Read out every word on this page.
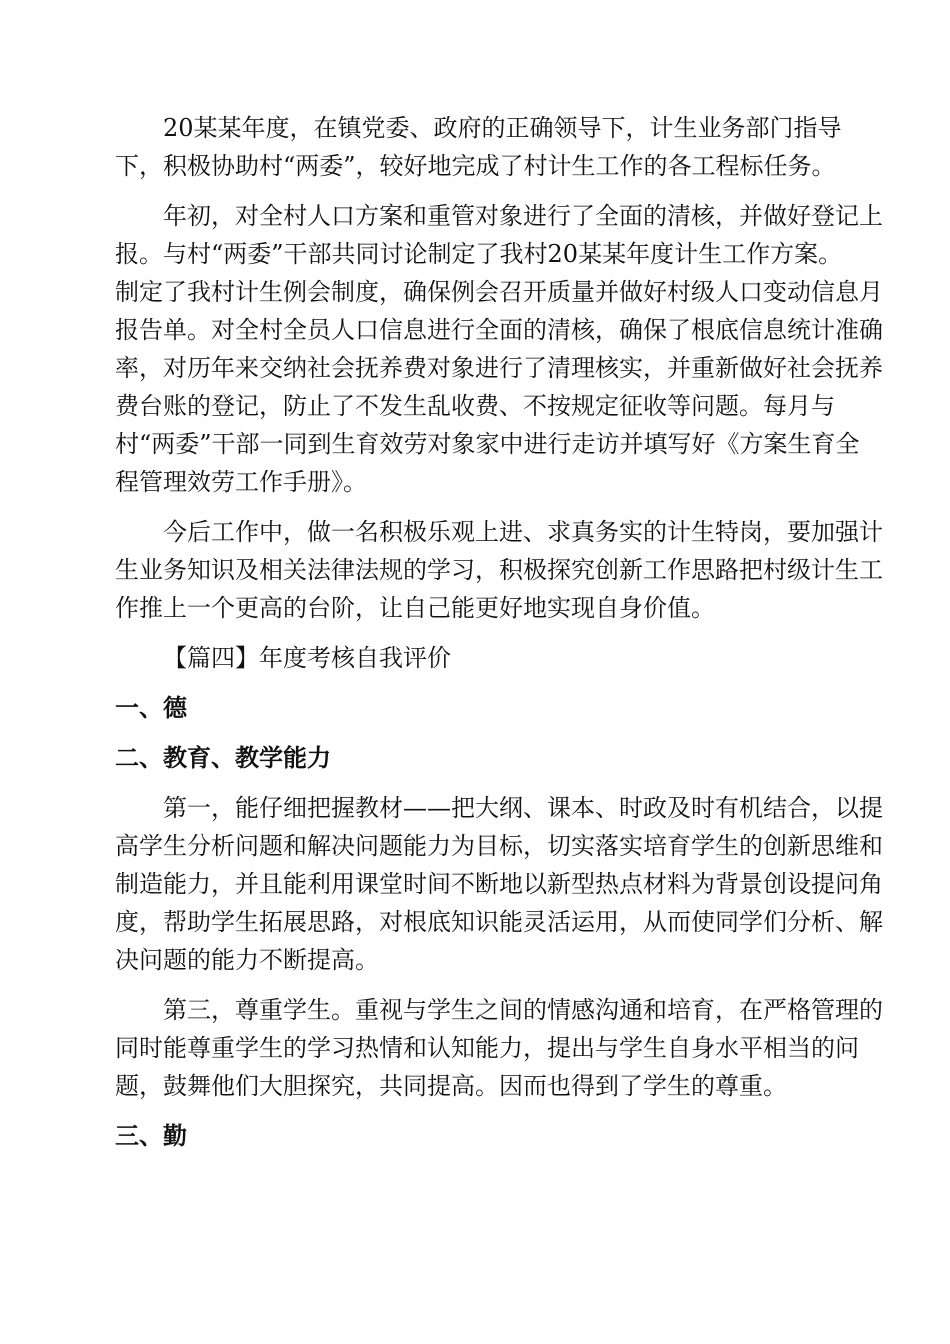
20某某年度，在镇党委、政府的正确领导下，计生业务部门指导
下，积极协助村“两委”，较好地完成了村计生工作的各工程标任务。
年初，对全村人口方案和重管对象进行了全面的清核，并做好登记上
报。与村“两委”干部共同讨论制定了我村20某某年度计生工作方案。
制定了我村计生例会制度，确保例会召开质量并做好村级人口变动信息月
报告单。对全村全员人口信息进行全面的清核，确保了根底信息统计准确
率，对历年来交纳社会抚养费对象进行了清理核实，并重新做好社会抚养
费台账的登记，防止了不发生乱收费、不按规定征收等问题。每月与
村“两委”干部一同到生育效劳对象家中进行走访并填写好《方案生育全
程管理效劳工作手册》。
今后工作中，做一名积极乐观上进、求真务实的计生特岗，要加强计
生业务知识及相关法律法规的学习，积极探究创新工作思路把村级计生工
作推上一个更高的台阶，让自己能更好地实现自身价值。
【篇四】年度考核自我评价
一、德
二、教育、教学能力
第一，能仔细把握教材——把大纲、课本、时政及时有机结合，以提
高学生分析问题和解决问题能力为目标，切实落实培育学生的创新思维和
制造能力，并且能利用课堂时间不断地以新型热点材料为背景创设提问角
度，帮助学生拓展思路，对根底知识能灵活运用，从而使同学们分析、解
决问题的能力不断提高。
第三，尊重学生。重视与学生之间的情感沟通和培育，在严格管理的
同时能尊重学生的学习热情和认知能力，提出与学生自身水平相当的问
题，鼓舞他们大胆探究，共同提高。因而也得到了学生的尊重。
三、勤
